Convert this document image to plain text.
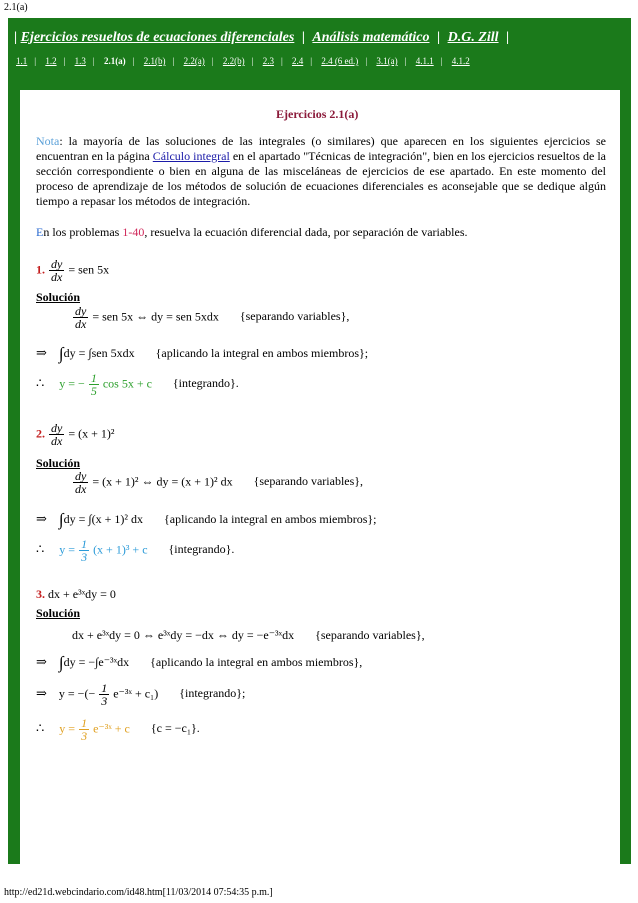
2.1(a)
| Ejercicios resueltos de ecuaciones diferenciales | Análisis matemático | D.G. Zill |
1.1 | 1.2 | 1.3 | 2.1(a) | 2.1(b) | 2.2(a) | 2.2(b) | 2.3 | 2.4 | 2.4 (6 ed.) | 3.1(a) | 4.1.1 | 4.1.2
Ejercicios 2.1(a)
Nota: la mayoría de las soluciones de las integrales (o similares) que aparecen en los siguientes ejercicios se encuentran en la página Cálculo integral en el apartado "Técnicas de integración", bien en los ejercicios resueltos de la sección correspondiente o bien en alguna de las misceláneas de ejercicios de ese apartado. En este momento del proceso de aprendizaje de los métodos de solución de ecuaciones diferenciales es aconsejable que se dedique algún tiempo a repasar los métodos de integración.
En los problemas 1-40, resuelva la ecuación diferencial dada, por separación de variables.
1. $\frac{dy}{dx}$ = sen 5x
Solución
$\frac{dy}{dx}$ = sen 5x ⇔ dy = sen 5xdx {separando variables},
⇒ ∫dy = ∫sen 5xdx {aplicando la integral en ambos miembros};
∴ y = − $\frac{1}{5}$ cos 5x + c {integrando}.
2. $\frac{dy}{dx} = (x + 1)^2$
Solución
$\frac{dy}{dx} = (x + 1)^2$ ⇔ dy = (x + 1)² dx {separando variables},
⇒ ∫dy = ∫(x + 1)² dx {aplicando la integral en ambos miembros};
∴ $y = \frac{1}{3} (x + 1)^3 + c$ {integrando}.
3. dx + e³ˣdy = 0
Solución
dx + e³ˣdy = 0 ⇔ e³ˣdy = −dx ⇔ dy = −e⁻³ˣdx {separando variables},
⇒ ∫dy = −∫e⁻³ˣdx {aplicando la integral en ambos miembros},
⇒ y = −(− $\frac{1}{3}$ e⁻³ˣ + c₁) {integrando};
∴ $y = \frac{1}{3}$ e⁻³ˣ + c {c = −c₁}.
http://ed21d.webcindario.com/id48.htm[11/03/2014 07:54:35 p.m.]
